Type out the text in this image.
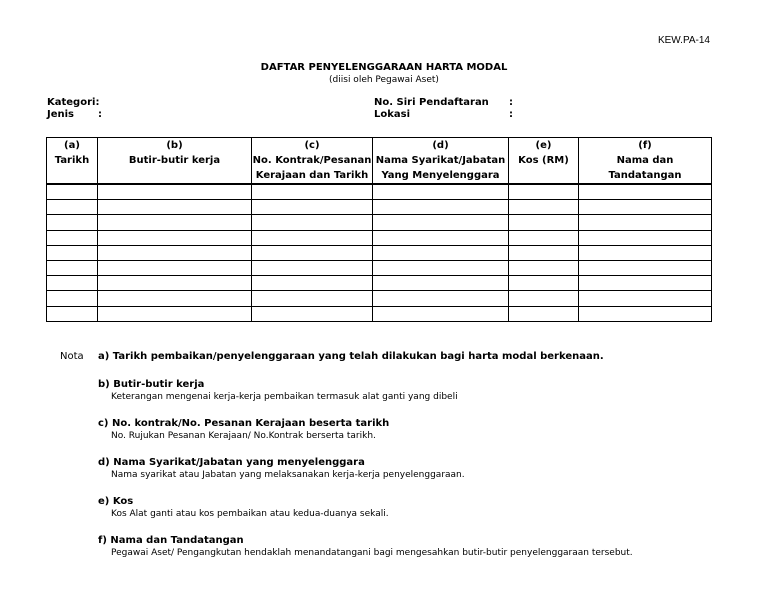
KEW.PA-14
DAFTAR PENYELENGGARAAN HARTA MODAL
(diisi oleh Pegawai Aset)
Kategori:
Jenis :
No. Siri Pendaftaran :
Lokasi	:
(a)	(b)	(c)	(d)	(e)	(f)
Tarikh	Butir-butir kerja	No. Kontrak/Pesanan	Nama Syarikat/Jabatan	Kos (RM)	Nama dan
		Kerajaan dan Tarikh	Yang Menyelenggara		Tandatangan

Nota a) Tarikh pembaikan/penyelenggaraan yang telah dilakukan bagi harta modal berkenaan.
b) Butir-butir kerja
Keterangan mengenai kerja-kerja pembaikan termasuk alat ganti yang dibeli
c) No. kontrak/No. Pesanan Kerajaan beserta tarikh
No. Rujukan Pesanan Kerajaan/ No.Kontrak berserta tarikh.
d) Nama Syarikat/Jabatan yang menyelenggara
Nama syarikat atau Jabatan yang melaksanakan kerja-kerja penyelenggaraan.
e) Kos
Kos Alat ganti atau kos pembaikan atau kedua-duanya sekali.
f) Nama dan Tandatangan
Pegawai Aset/ Pengangkutan hendaklah menandatangani bagi mengesahkan butir-butir penyelenggaraan tersebut.
